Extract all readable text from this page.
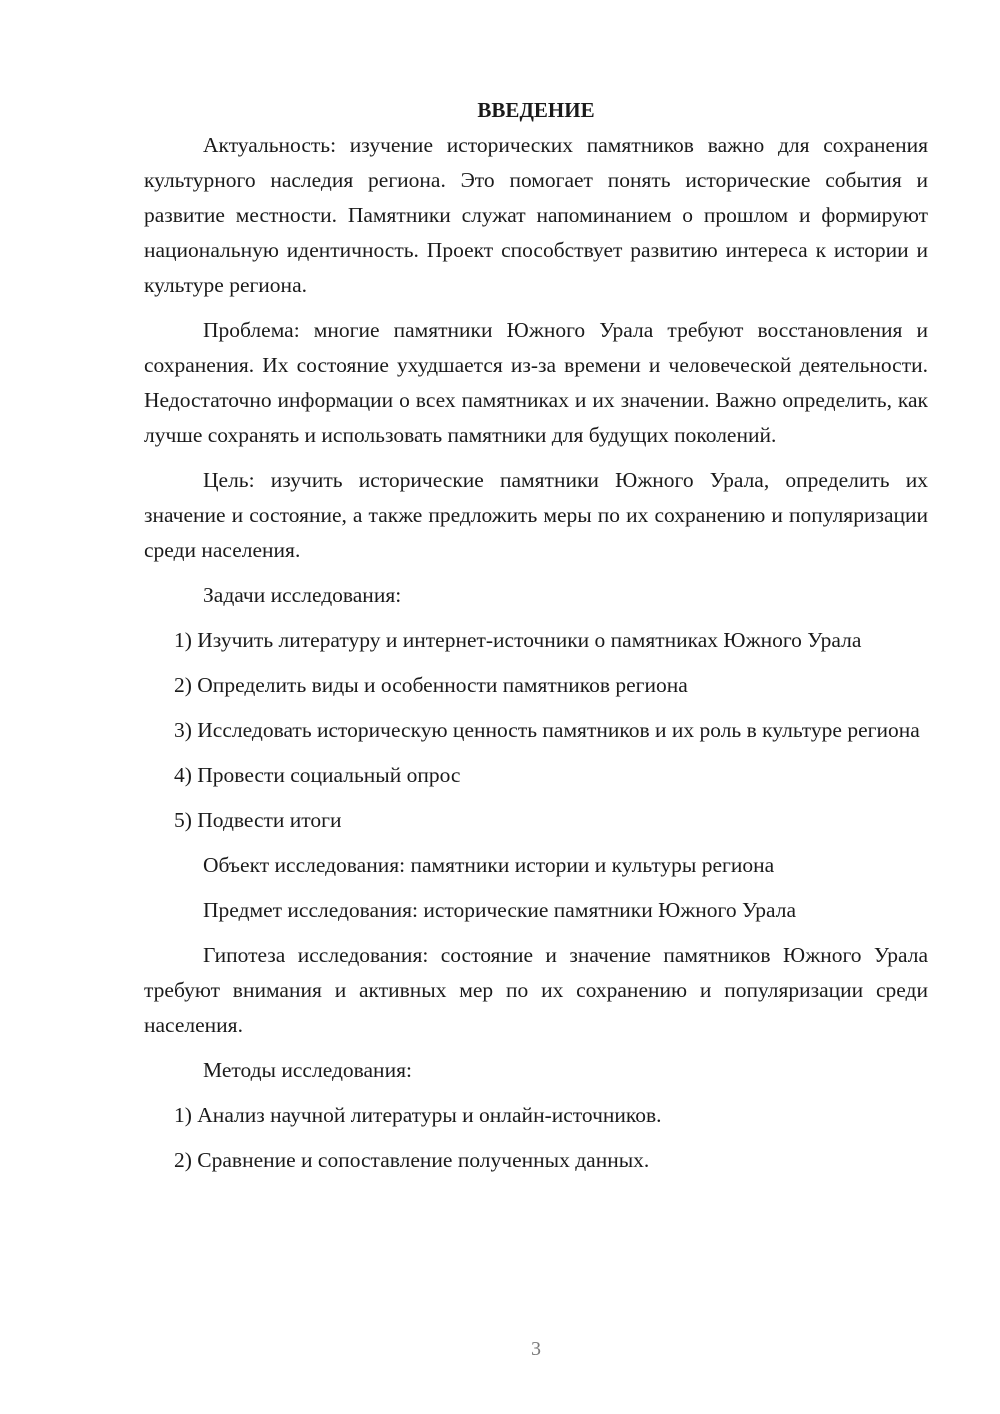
ВВЕДЕНИЕ

Актуальность: изучение исторических памятников важно для сохранения культурного наследия региона. Это помогает понять исторические события и развитие местности. Памятники служат напоминанием о прошлом и формируют национальную идентичность. Проект способствует развитию интереса к истории и культуре региона.

Проблема: многие памятники Южного Урала требуют восстановления и сохранения. Их состояние ухудшается из-за времени и человеческой деятельности. Недостаточно информации о всех памятниках и их значении. Важно определить, как лучше сохранять и использовать памятники для будущих поколений.

Цель: изучить исторические памятники Южного Урала, определить их значение и состояние, а также предложить меры по их сохранению и популяризации среди населения.

Задачи исследования:

1) Изучить литературу и интернет-источники о памятниках Южного Урала

2) Определить виды и особенности памятников региона

3) Исследовать историческую ценность памятников и их роль в культуре региона

4) Провести социальный опрос

5) Подвести итоги

Объект исследования: памятники истории и культуры региона

Предмет исследования: исторические памятники Южного Урала

Гипотеза исследования: состояние и значение памятников Южного Урала требуют внимания и активных мер по их сохранению и популяризации среди населения.

Методы исследования:

1) Анализ научной литературы и онлайн-источников.

2) Сравнение и сопоставление полученных данных.

3
